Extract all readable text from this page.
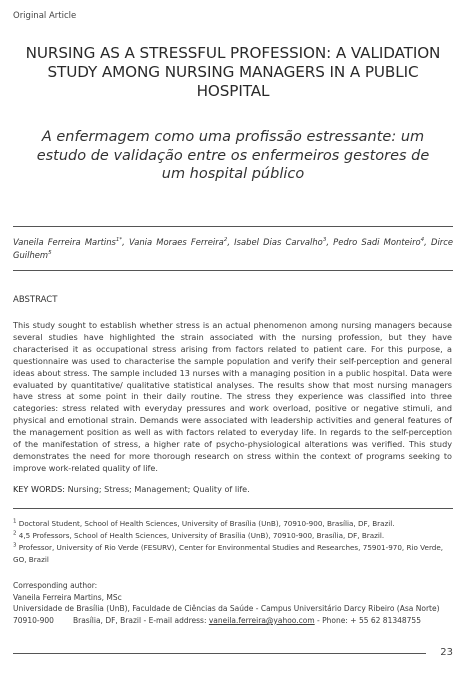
Original Article
NURSING AS A STRESSFUL PROFESSION: A VALIDATION STUDY AMONG NURSING MANAGERS IN A PUBLIC HOSPITAL
A enfermagem como uma profissão estressante: um estudo de validação entre os enfermeiros gestores de um hospital público
Vaneila Ferreira Martins$^{1*}$, Vania Moraes Ferreira$^2$, Isabel Dias Carvalho$^3$, Pedro Sadi Monteiro$^4$, Dirce Guilhem$^5$
ABSTRACT
This study sought to establish whether stress is an actual phenomenon among nursing managers because several studies have highlighted the strain associated with the nursing profession, but they have characterised it as occupational stress arising from factors related to patient care. For this purpose, a questionnaire was used to characterise the sample population and verify their self-perception and general ideas about stress. The sample included 13 nurses with a managing position in a public hospital. Data were evaluated by quantitative/ qualitative statistical analyses. The results show that most nursing managers have stress at some point in their daily routine. The stress they experience was classified into three categories: stress related with everyday pressures and work overload, positive or negative stimuli, and physical and emotional strain. Demands were associated with leadership activities and general features of the management position as well as with factors related to everyday life. In regards to the self-perception of the manifestation of stress, a higher rate of psycho-physiological alterations was verified. This study demonstrates the need for more thorough research on stress within the context of programs seeking to improve work-related quality of life.
KEY WORDS: Nursing; Stress; Management; Quality of life.
$^1$ Doctoral Student, School of Health Sciences, University of Brasília (UnB), 70910-900, Brasília, DF, Brazil.
$^2$ 4,5 Professors, School of Health Sciences, University of Brasília (UnB), 70910-900, Brasília, DF, Brazil.
$^3$ Professor, University of Rio Verde (FESURV), Center for Environmental Studies and Researches, 75901-970, Rio Verde, GO, Brazil
Corresponding author:
Vaneila Ferreira Martins, MSc
Universidade de Brasília (UnB), Faculdade de Ciências da Saúde - Campus Universitário Darcy Ribeiro (Asa Norte)
70910-900	Brasília, DF, Brazil - E-mail address: vaneila.ferreira@yahoo.com - Phone: + 55 62 81348755
23
